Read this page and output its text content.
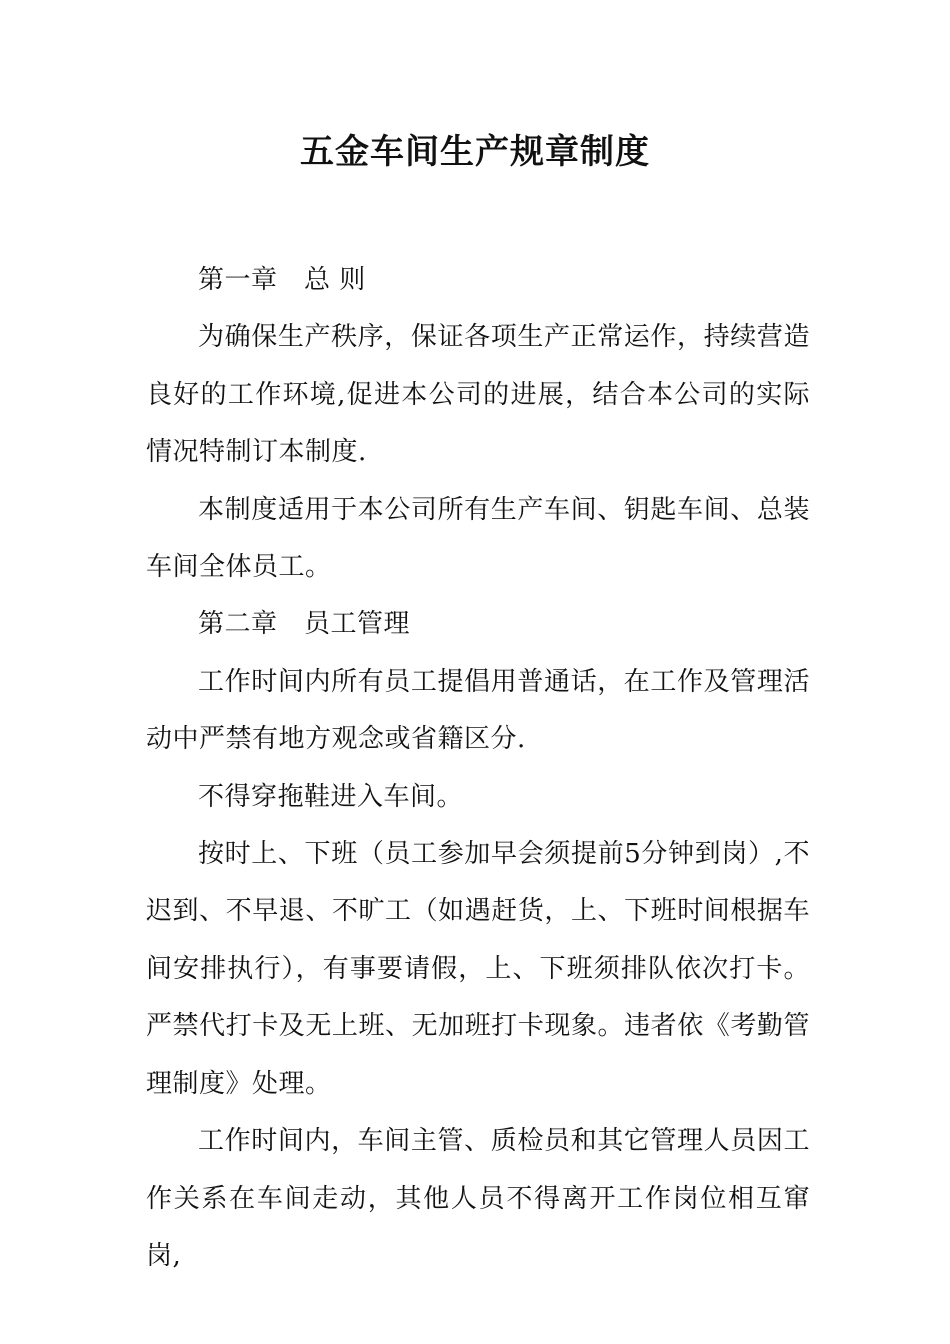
五金车间生产规章制度

第一章　总 则

为确保生产秩序，保证各项生产正常运作，持续营造良好的工作环境,促进本公司的进展，结合本公司的实际情况特制订本制度.

本制度适用于本公司所有生产车间、钥匙车间、总装车间全体员工。

第二章　员工管理

工作时间内所有员工提倡用普通话，在工作及管理活动中严禁有地方观念或省籍区分.

不得穿拖鞋进入车间。

按时上、下班（员工参加早会须提前5分钟到岗）,不迟到、不早退、不旷工（如遇赶货，上、下班时间根据车间安排执行），有事要请假，上、下班须排队依次打卡。严禁代打卡及无上班、无加班打卡现象。违者依《考勤管理制度》处理。

工作时间内，车间主管、质检员和其它管理人员因工作关系在车间走动，其他人员不得离开工作岗位相互窜岗,
